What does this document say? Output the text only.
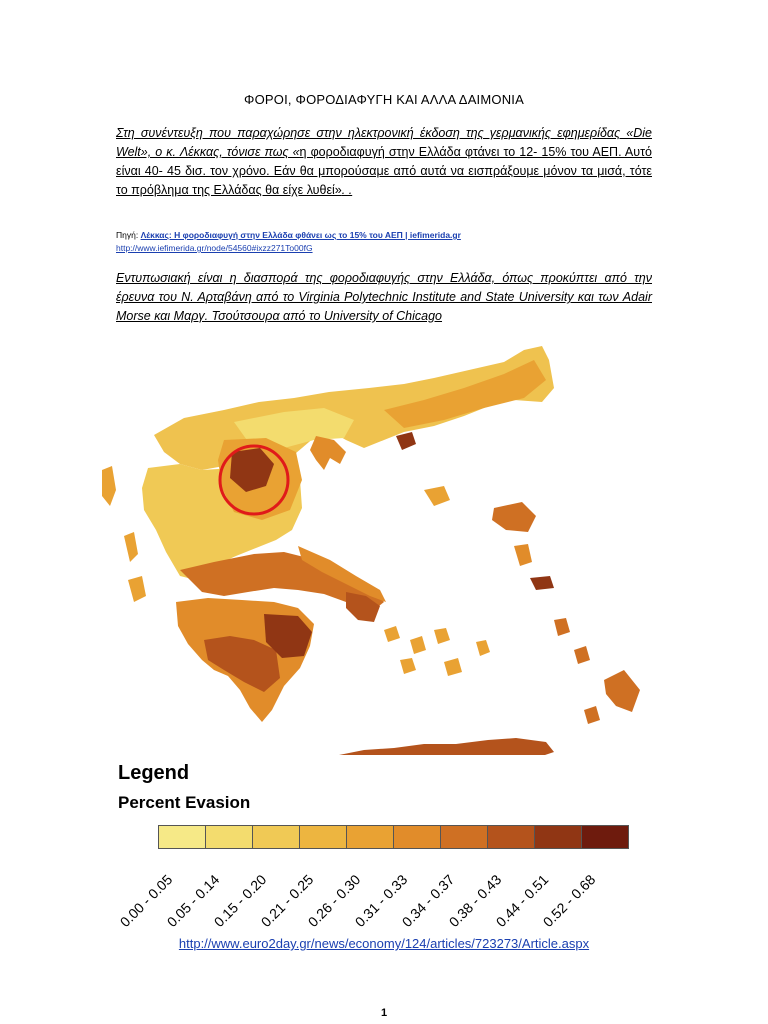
ΦΟΡΟΙ, ΦΟΡΟΔΙΑΦΥΓΗ ΚΑΙ ΑΛΛΑ ΔΑΙΜΟΝΙΑ
Στη συνέντευξη που παραχώρησε στην ηλεκτρονική έκδοση της γερμανικής εφημερίδας «Die Welt», ο κ. Λέκκας, τόνισε πως «η φοροδιαφυγή στην Ελλάδα φτάνει το 12- 15% του ΑΕΠ. Αυτό είναι 40- 45 δισ. τον χρόνο. Εάν θα μπορούσαμε από αυτά να εισπράξουμε μόνον τα μισά, τότε το πρόβλημα της Ελλάδας θα είχε λυθεί». .
Πηγή: Λέκκας: Η φοροδιαφυγή στην Ελλάδα φθάνει ως το 15% του ΑΕΠ | iefimerida.gr
http://www.iefimerida.gr/node/54560#ixzz271To00fG
Εντυπωσιακή είναι η διασπορά της φοροδιαφυγής στην Ελλάδα, όπως προκύπτει από την έρευνα του Ν. Αρταβάνη από το Virginia Polytechnic Institute and State University και των Adair Morse και Μαργ. Τσούτσουρα από το University of Chicago
Legend
Percent Evasion
0.00 - 0.05
0.05 - 0.14
0.15 - 0.20
0.21 - 0.25
0.26 - 0.30
0.31 - 0.33
0.34 - 0.37
0.38 - 0.43
0.44 - 0.51
0.52 - 0.68
http://www.euro2day.gr/news/economy/124/articles/723273/Article.aspx
1
